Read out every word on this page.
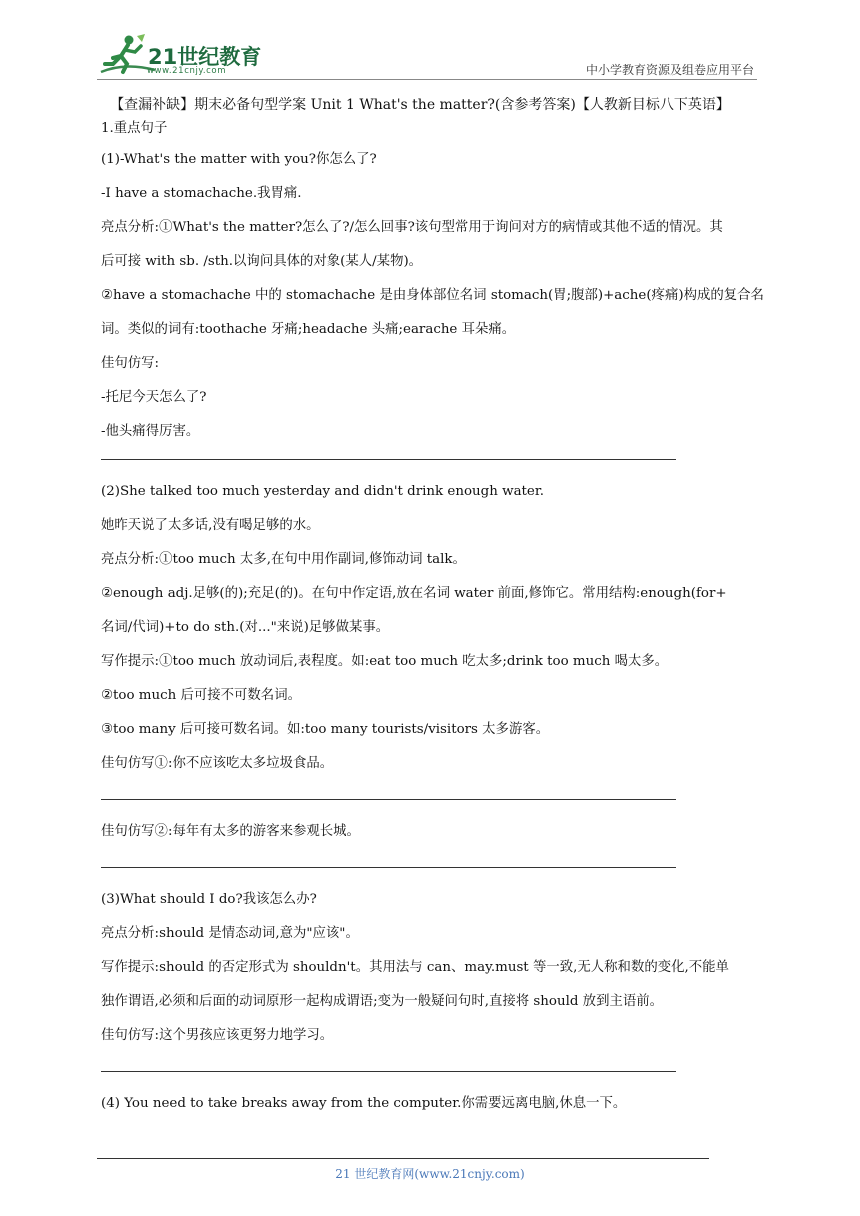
21世纪教育
www.21cnjy.com	中小学教育资源及组卷应用平台

【查漏补缺】期末必备句型学案 Unit 1 What's the matter?(含参考答案)【人教新目标八下英语】

1.重点句子

(1)-What's the matter with you?你怎么了?

-I have a stomachache.我胃痛.

亮点分析:①What's the matter?怎么了?/怎么回事?该句型常用于询问对方的病情或其他不适的情况。其

后可接 with sb. /sth.以询问具体的对象(某人/某物)。

②have a stomachache 中的 stomachache 是由身体部位名词 stomach(胃;腹部)+ache(疼痛)构成的复合名

词。类似的词有:toothache 牙痛;headache 头痛;earache 耳朵痛。

佳句仿写:

-托尼今天怎么了?

-他头痛得厉害。

(2)She talked too much yesterday and didn't drink enough water.

她昨天说了太多话,没有喝足够的水。

亮点分析:①too much 太多,在句中用作副词,修饰动词 talk。

②enough adj.足够(的);充足(的)。在句中作定语,放在名词 water 前面,修饰它。常用结构:enough(for+

名词/代词)+to do sth.(对..."来说)足够做某事。

写作提示:①too much 放动词后,表程度。如:eat too much 吃太多;drink too much 喝太多。

②too much 后可接不可数名词。

③too many 后可接可数名词。如:too many tourists/visitors 太多游客。

佳句仿写①:你不应该吃太多垃圾食品。

佳句仿写②:每年有太多的游客来参观长城。

(3)What should I do?我该怎么办?

亮点分析:should 是情态动词,意为"应该"。

写作提示:should 的否定形式为 shouldn't。其用法与 can、may.must 等一致,无人称和数的变化,不能单

独作谓语,必须和后面的动词原形一起构成谓语;变为一般疑问句时,直接将 should 放到主语前。

佳句仿写:这个男孩应该更努力地学习。

(4) You need to take breaks away from the computer.你需要远离电脑,休息一下。

21 世纪教育网(www.21cnjy.com)
